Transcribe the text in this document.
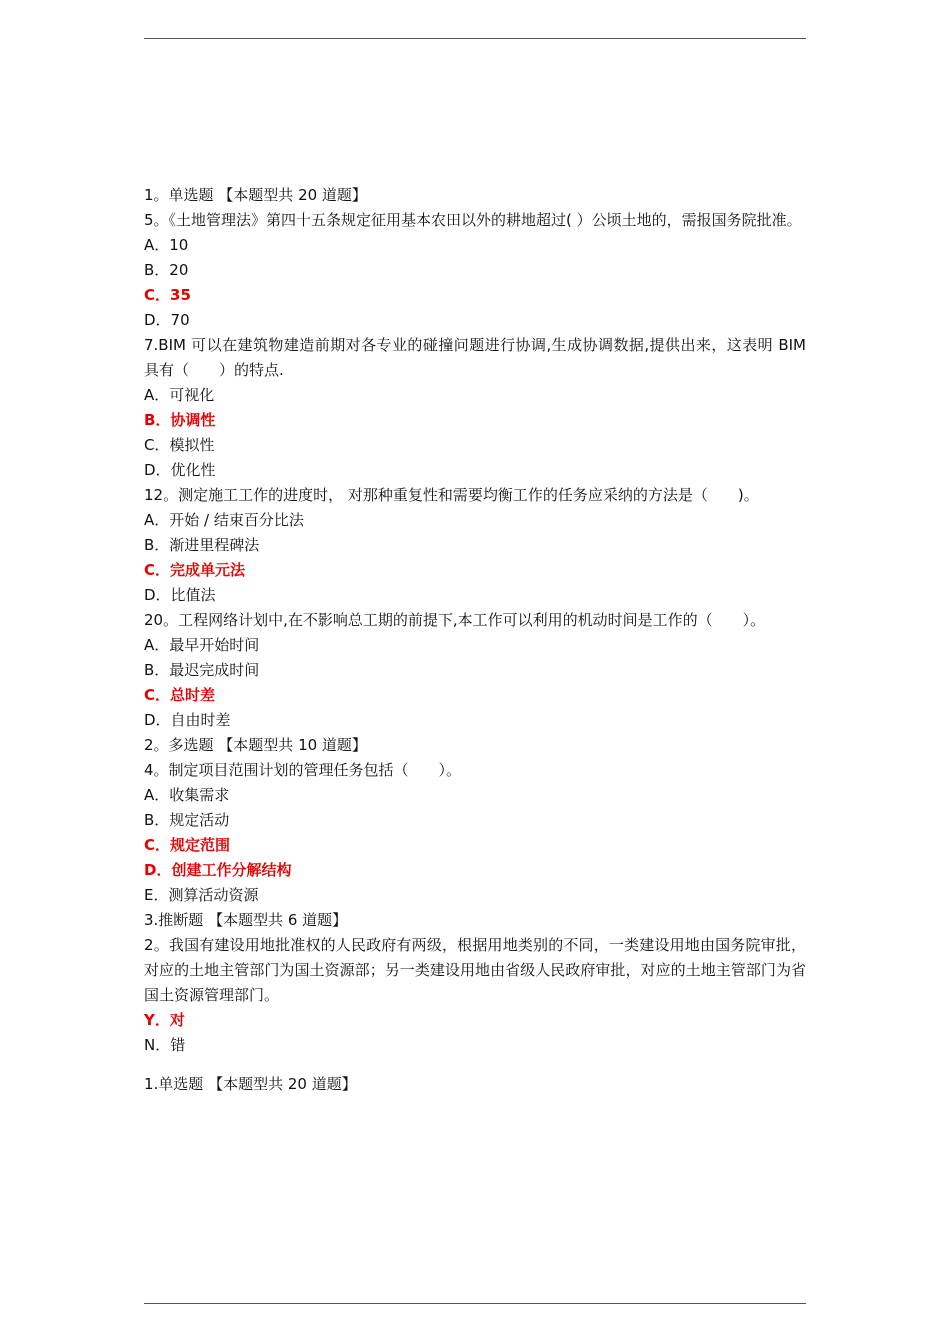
1。单选题 【本题型共 20 道题】
5。《土地管理法》第四十五条规定征用基本农田以外的耕地超过( ）公顷土地的，需报国务院批准。
A．10
B．20
C．35
D．70
7.BIM 可以在建筑物建造前期对各专业的碰撞问题进行协调,生成协调数据,提供出来，这表明 BIM 具有（　　）的特点.
A．可视化
B．协调性
C．模拟性
D．优化性
12。测定施工工作的进度时， 对那种重复性和需要均衡工作的任务应采纳的方法是（　　)。
A．开始 / 结束百分比法
B．渐进里程碑法
C．完成单元法
D．比值法
20。工程网络计划中,在不影响总工期的前提下,本工作可以利用的机动时间是工作的（　　）。
A．最早开始时间
B．最迟完成时间
C．总时差
D．自由时差
2。多选题 【本题型共 10 道题】
4。制定项目范围计划的管理任务包括（　　）。
A．收集需求
B．规定活动
C．规定范围
D．创建工作分解结构
E．测算活动资源
3.推断题 【本题型共 6 道题】
2。我国有建设用地批准权的人民政府有两级，根据用地类别的不同，一类建设用地由国务院审批，对应的土地主管部门为国土资源部；另一类建设用地由省级人民政府审批，对应的土地主管部门为省国土资源管理部门。
Y．对
N．错
1.单选题 【本题型共 20 道题】
